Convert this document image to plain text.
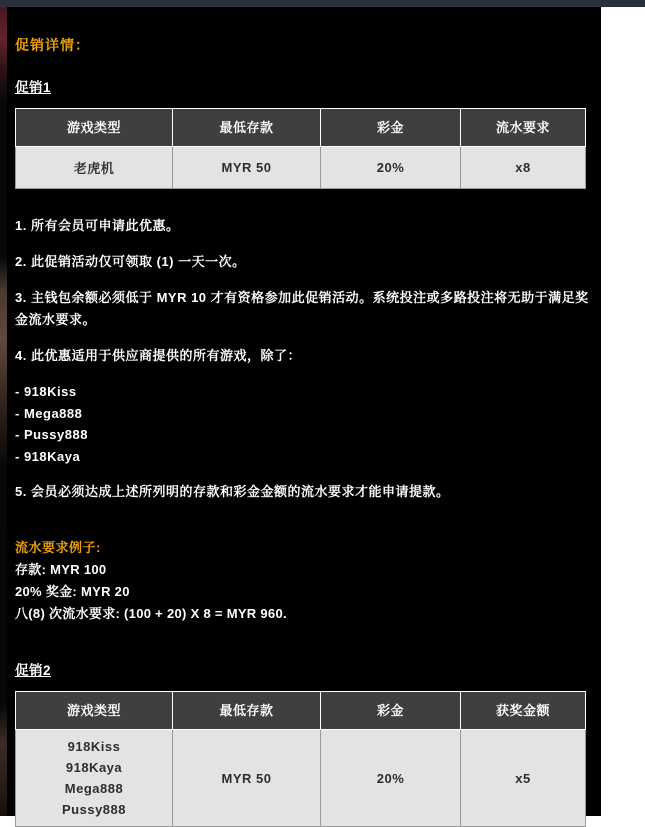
促销详情：
促销1
游戏类型	最低存款	彩金	流水要求
老虎机	MYR 50	20%	x8

1. 所有会员可申请此优惠。

2. 此促销活动仅可领取 (1) 一天一次。

3. 主钱包余额必须低于 MYR 10 才有资格参加此促销活动。系统投注或多路投注将无助于满足奖金流水要求。

4. 此优惠适用于供应商提供的所有游戏，除了：

- 918Kiss
- Mega888
- Pussy888
- 918Kaya

5. 会员必须达成上述所列明的存款和彩金金额的流水要求才能申请提款。

流水要求例子:
存款: MYR 100
20% 奖金: MYR 20
八(8) 次流水要求: (100 + 20) X 8 = MYR 960.
促销2
游戏类型	最低存款	彩金	获奖金额

918Kiss
918Kaya
Mega888
Pussy888	MYR 50	20%	x5
